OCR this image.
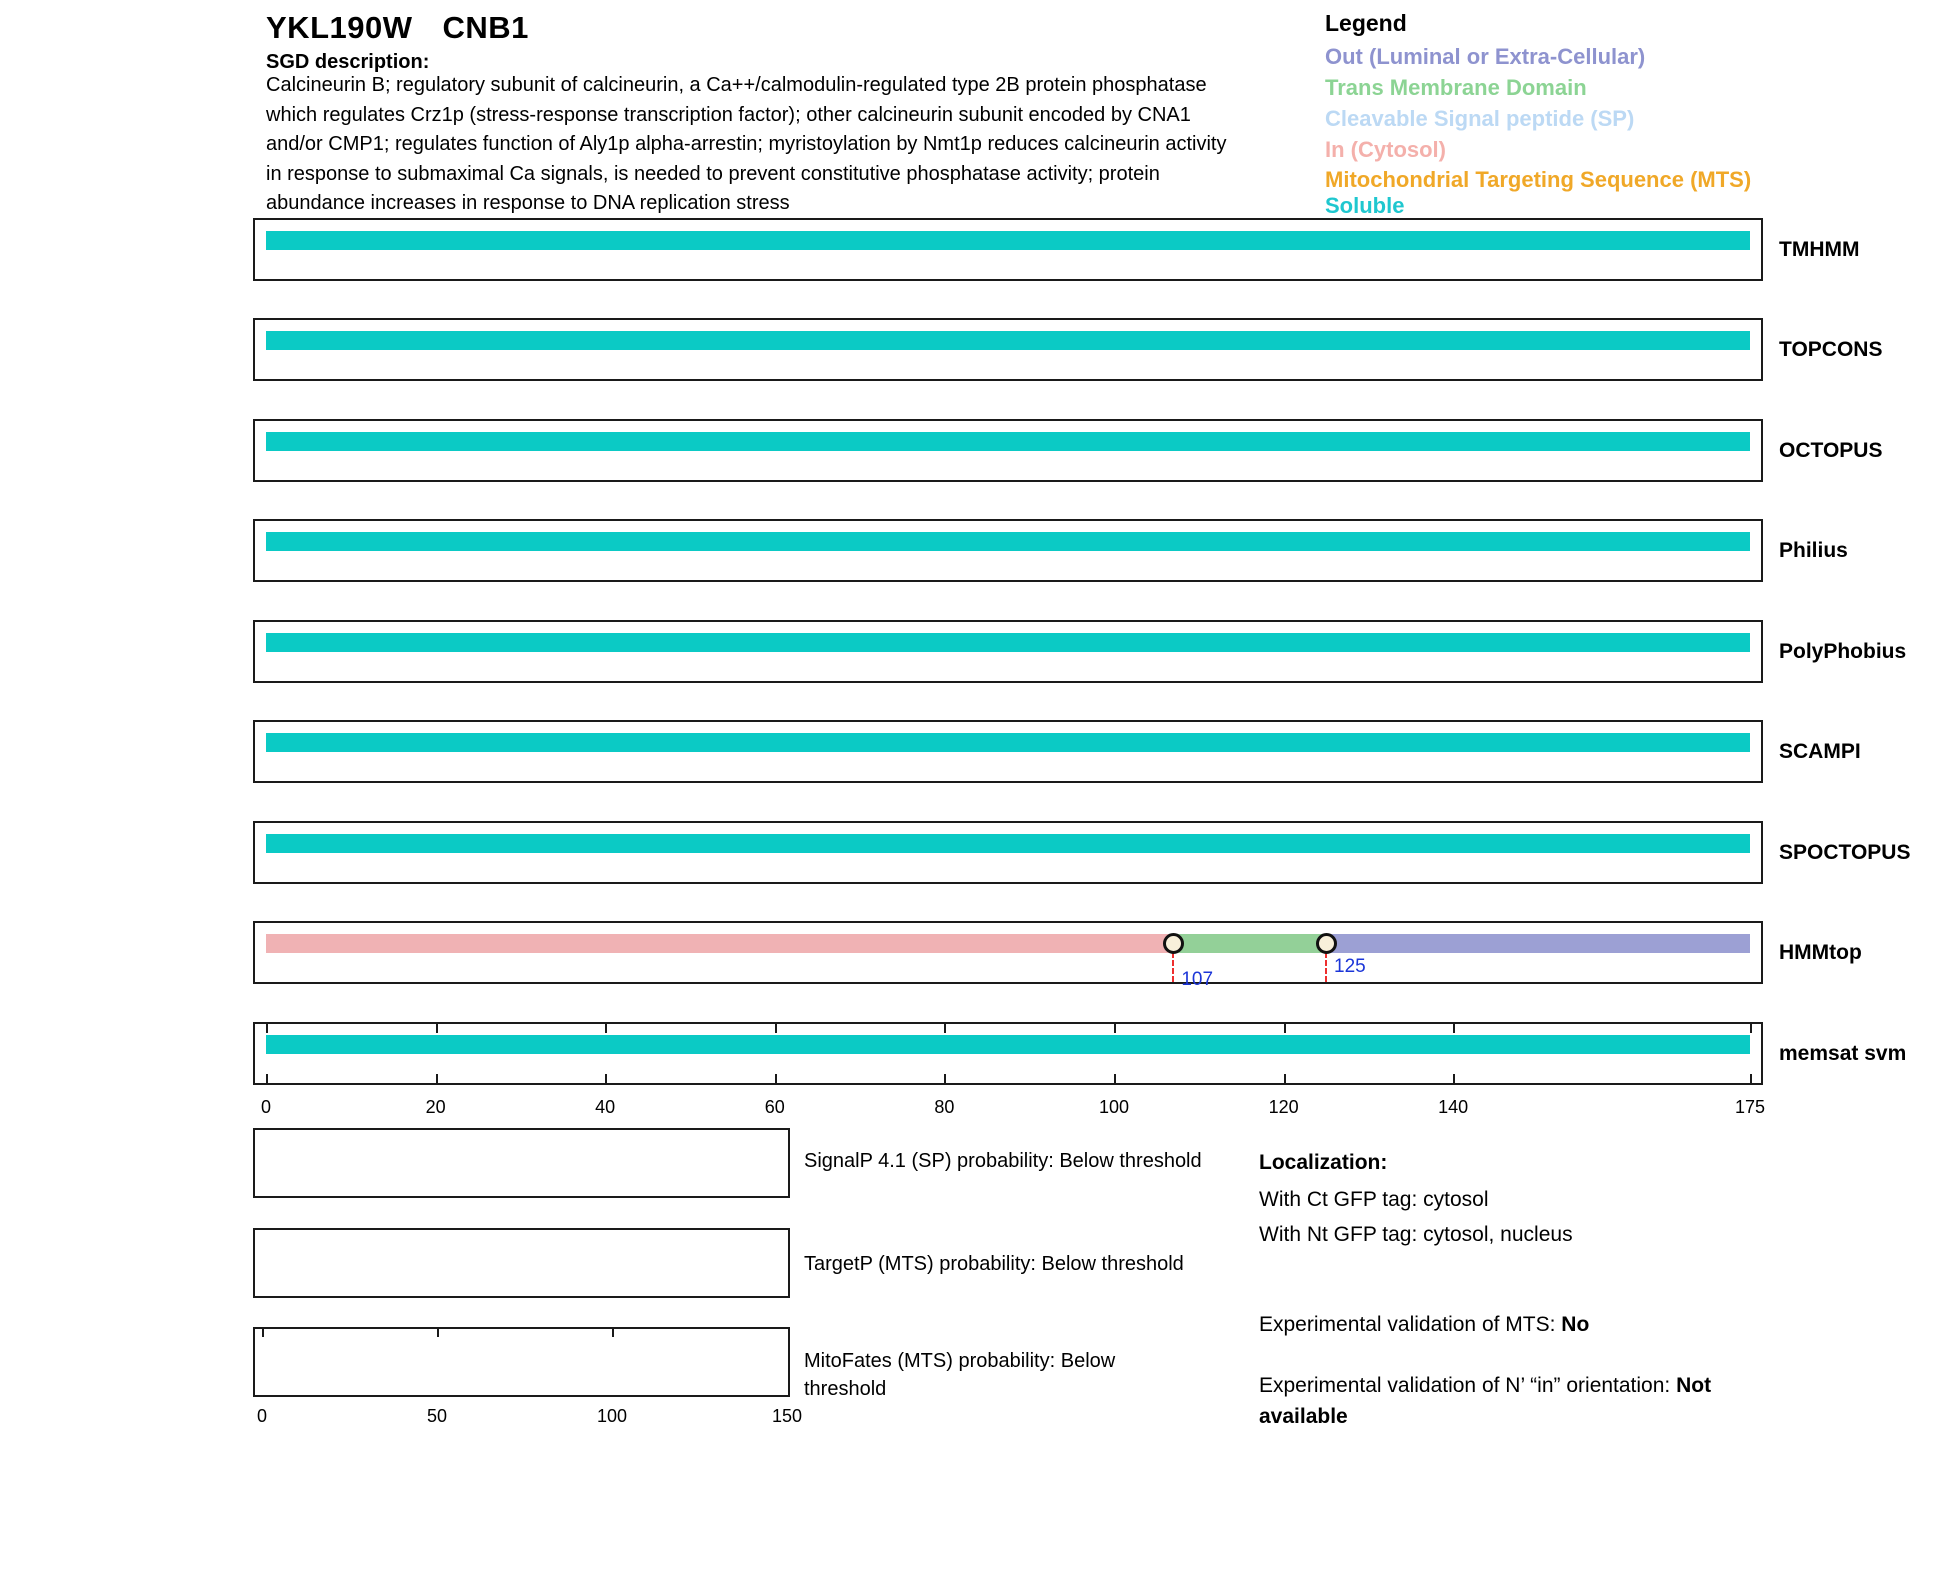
YKL190W CNB1
SGD description:
Calcineurin B; regulatory subunit of calcineurin, a Ca++/calmodulin-regulated type 2B protein phosphatase
which regulates Crz1p (stress-response transcription factor); other calcineurin subunit encoded by CNA1
and/or CMP1; regulates function of Aly1p alpha-arrestin; myristoylation by Nmt1p reduces calcineurin activity
in response to submaximal Ca signals, is needed to prevent constitutive phosphatase activity; protein
abundance increases in response to DNA replication stress
Legend
Out (Luminal or Extra-Cellular)
Trans Membrane Domain
Cleavable Signal peptide (SP)
In (Cytosol)
Mitochondrial Targeting Sequence (MTS)
Soluble
TMHMM
TOPCONS
OCTOPUS
Philius
PolyPhobius
SCAMPI
SPOCTOPUS
HMMtop
107
125
memsat svm
0	20	40	60	80	100	120	140	175
0	50	100	150
SignalP 4.1 (SP) probability: Below threshold
TargetP (MTS) probability: Below threshold
MitoFates (MTS) probability: Below threshold
Localization:
With Ct GFP tag: cytosol
With Nt GFP tag: cytosol, nucleus
Experimental validation of MTS: No
Experimental validation of N’ “in” orientation: Not available
